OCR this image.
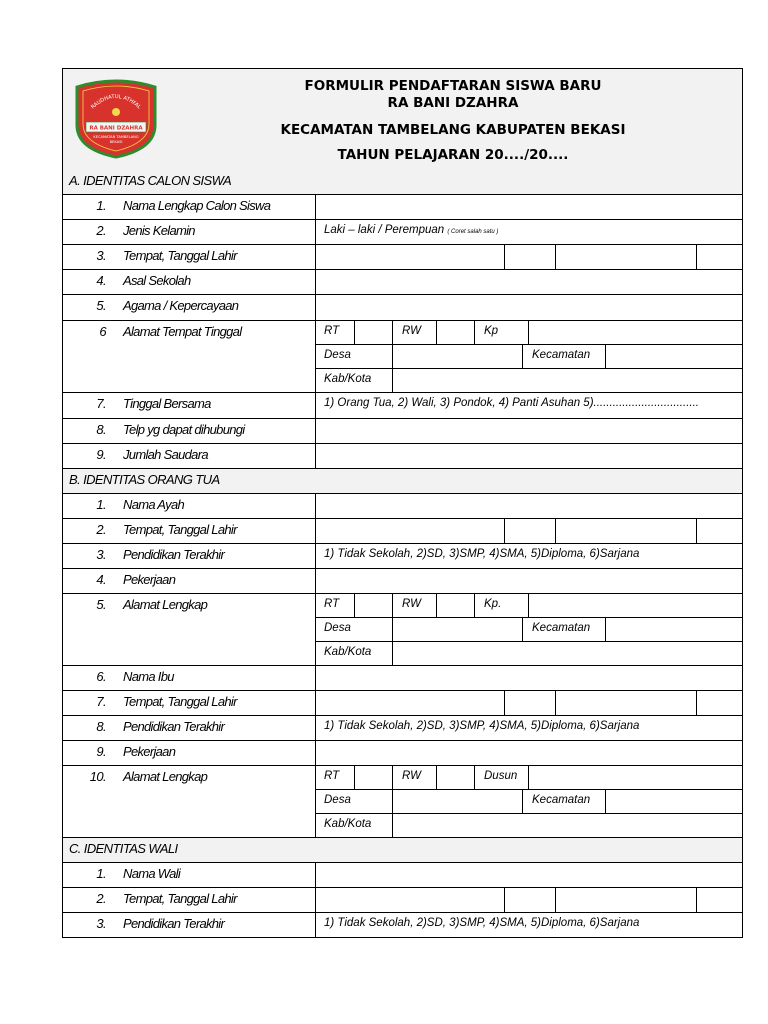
RAUDHATUL ATHFAL
RA BANI DZAHRA
KECAMATAN TAMBELANG
BEKASI
FORMULIR PENDAFTARAN SISWA BARU
RA BANI DZAHRA
KECAMATAN TAMBELANG KABUPATEN BEKASI
TAHUN PELAJARAN 20..../20....
A. IDENTITAS CALON SISWA
1. Nama Lengkap Calon Siswa
2. Jenis Kelamin	Laki – laki / Perempuan ( Coret salah satu )
3. Tempat, Tanggal Lahir
4. Asal Sekolah
5. Agama / Kepercayaan
6 Alamat Tempat Tinggal	RT	RW	Kp
Desa	Kecamatan
Kab/Kota
7. Tinggal Bersama	1) Orang Tua, 2) Wali, 3) Pondok, 4) Panti Asuhan 5).................................
8. Telp yg dapat dihubungi
9. Jumlah Saudara
B. IDENTITAS ORANG TUA
1. Nama Ayah
2. Tempat, Tanggal Lahir
3. Pendidikan Terakhir	1) Tidak Sekolah, 2)SD, 3)SMP, 4)SMA, 5)Diploma, 6)Sarjana
4. Pekerjaan
5. Alamat Lengkap	RT	RW	Kp.
Desa	Kecamatan
Kab/Kota
6. Nama Ibu
7. Tempat, Tanggal Lahir
8. Pendidikan Terakhir	1) Tidak Sekolah, 2)SD, 3)SMP, 4)SMA, 5)Diploma, 6)Sarjana
9. Pekerjaan
10. Alamat Lengkap	RT	RW	Dusun
Desa	Kecamatan
Kab/Kota
C. IDENTITAS WALI
1. Nama Wali
2. Tempat, Tanggal Lahir
3. Pendidikan Terakhir	1) Tidak Sekolah, 2)SD, 3)SMP, 4)SMA, 5)Diploma, 6)Sarjana
